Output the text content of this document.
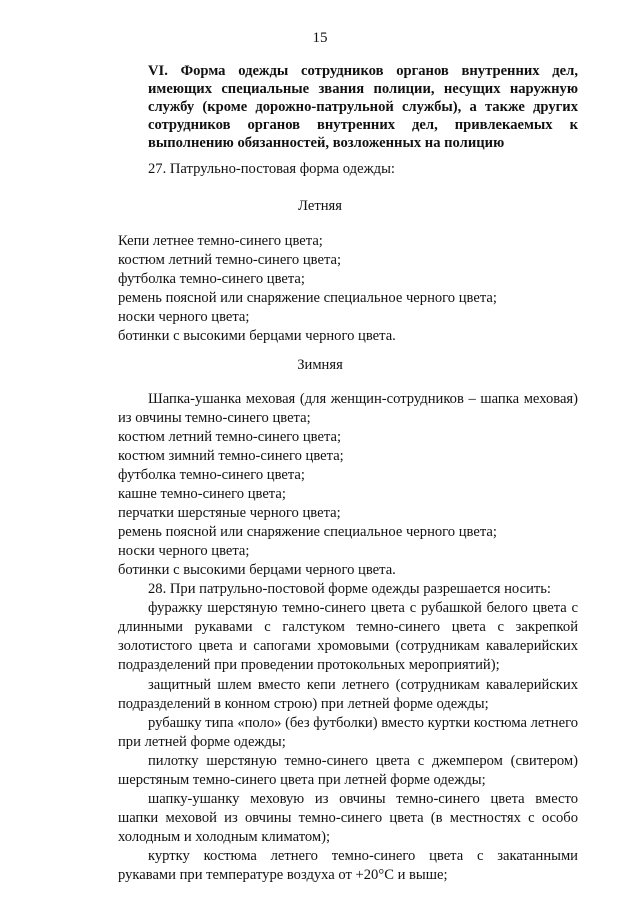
15
VI. Форма одежды сотрудников органов внутренних дел, имеющих специальные звания полиции, несущих наружную службу (кроме дорожно-патрульной службы), а также других сотрудников органов внутренних дел, привлекаемых к выполнению обязанностей, возложенных на полицию
27. Патрульно-постовая форма одежды:
Летняя
Кепи летнее темно-синего цвета;
костюм летний темно-синего цвета;
футболка темно-синего цвета;
ремень поясной или снаряжение специальное черного цвета;
носки черного цвета;
ботинки с высокими берцами черного цвета.
Зимняя
Шапка-ушанка меховая (для женщин-сотрудников – шапка меховая) из овчины темно-синего цвета;
костюм летний темно-синего цвета;
костюм зимний темно-синего цвета;
футболка темно-синего цвета;
кашне темно-синего цвета;
перчатки шерстяные черного цвета;
ремень поясной или снаряжение специальное черного цвета;
носки черного цвета;
ботинки с высокими берцами черного цвета.
28. При патрульно-постовой форме одежды разрешается носить:
фуражку шерстяную темно-синего цвета с рубашкой белого цвета с длинными рукавами с галстуком темно-синего цвета с закрепкой золотистого цвета и сапогами хромовыми (сотрудникам кавалерийских подразделений при проведении протокольных мероприятий);
защитный шлем вместо кепи летнего (сотрудникам кавалерийских подразделений в конном строю) при летней форме одежды;
рубашку типа «поло» (без футболки) вместо куртки костюма летнего при летней форме одежды;
пилотку шерстяную темно-синего цвета с джемпером (свитером) шерстяным темно-синего цвета при летней форме одежды;
шапку-ушанку меховую из овчины темно-синего цвета вместо шапки меховой из овчины темно-синего цвета (в местностях с особо холодным и холодным климатом);
куртку костюма летнего темно-синего цвета с закатанными рукавами при температуре воздуха от +20°С и выше;
